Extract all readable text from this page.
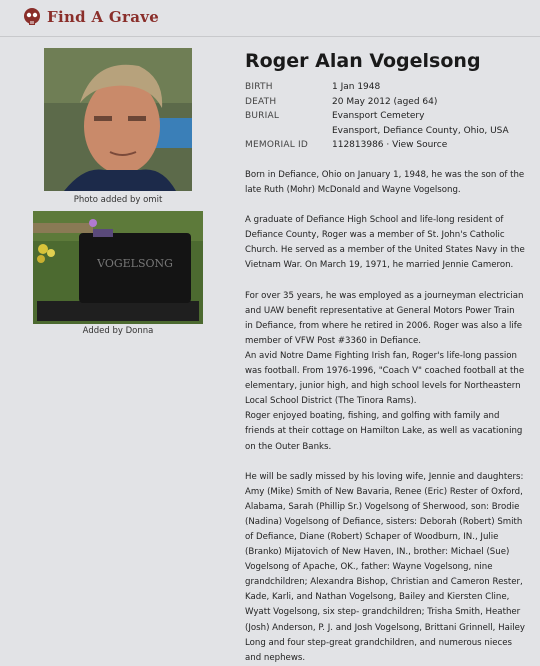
Find A Grave
Photo added by omit
VOGELSONG
Added by Donna
Roger Alan Vogelsong
BIRTH	1 Jan 1948
DEATH	20 May 2012 (aged 64)
BURIAL	Evansport Cemetery
Evansport, Defiance County, Ohio, USA
MEMORIAL ID	112813986 · View Source

Born in Defiance, Ohio on January 1, 1948, he was the son of the late Ruth (Mohr) McDonald and Wayne Vogelsong.

A graduate of Defiance High School and life-long resident of Defiance County, Roger was a member of St. John's Catholic Church. He served as a member of the United States Navy in the Vietnam War. On March 19, 1971, he married Jennie Cameron.

For over 35 years, he was employed as a journeyman electrician and UAW benefit representative at General Motors Power Train in Defiance, from where he retired in 2006. Roger was also a life member of VFW Post #3360 in Defiance.

An avid Notre Dame Fighting Irish fan, Roger's life-long passion was football. From 1976-1996, "Coach V" coached football at the elementary, junior high, and high school levels for Northeastern Local School District (The Tinora Rams).

Roger enjoyed boating, fishing, and golfing with family and friends at their cottage on Hamilton Lake, as well as vacationing on the Outer Banks.

He will be sadly missed by his loving wife, Jennie and daughters: Amy (Mike) Smith of New Bavaria, Renee (Eric) Rester of Oxford, Alabama, Sarah (Phillip Sr.) Vogelsong of Sherwood, son: Brodie (Nadina) Vogelsong of Defiance, sisters: Deborah (Robert) Smith of Defiance, Diane (Robert) Schaper of Woodburn, IN., Julie (Branko) Mijatovich of New Haven, IN., brother: Michael (Sue) Vogelsong of Apache, OK., father: Wayne Vogelsong, nine grandchildren; Alexandra Bishop, Christian and Cameron Rester, Kade, Karli, and Nathan Vogelsong, Bailey and Kiersten Cline, Wyatt Vogelsong, six step- grandchildren; Trisha Smith, Heather (Josh) Anderson, P. J. and Josh Vogelsong, Brittani Grinnell, Hailey Long and four step-great grandchildren, and numerous nieces and nephews.
